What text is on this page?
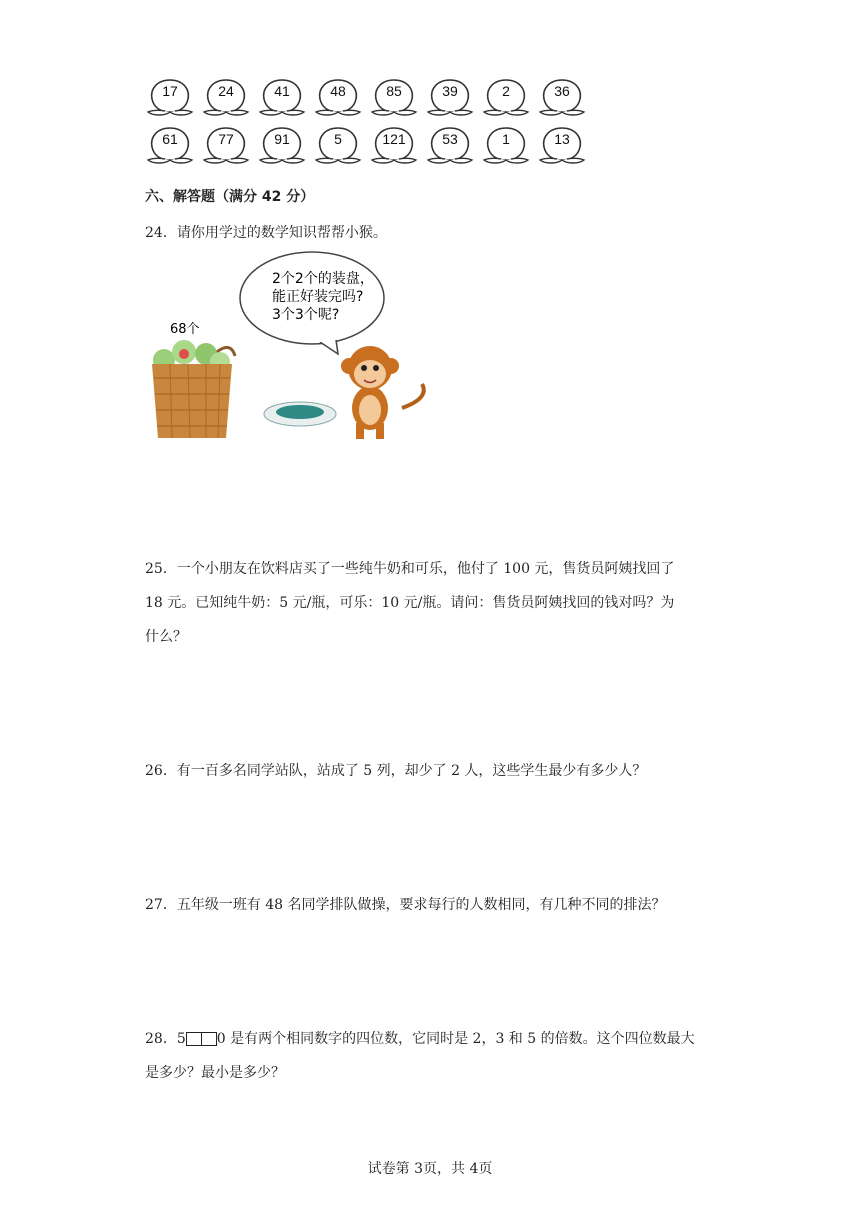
17	24	41	48	85	39	2	36
61	77	91	5	121	53	1	13
六、解答题（满分 42 分）
24．请你用学过的数学知识帮帮小猴。
2个2个的装盘，
能正好装完吗?
3个3个呢?
68个
25．一个小朋友在饮料店买了一些纯牛奶和可乐，他付了 100 元，售货员阿姨找回了
18 元。已知纯牛奶：5 元/瓶，可乐：10 元/瓶。请问：售货员阿姨找回的钱对吗？为
什么？
26．有一百多名同学站队，站成了 5 列，却少了 2 人，这些学生最少有多少人？
27．五年级一班有 48 名同学排队做操，要求每行的人数相同，有几种不同的排法？
28．5 0 是有两个相同数字的四位数，它同时是 2，3 和 5 的倍数。这个四位数最大
是多少？最小是多少？
试卷第 3页，共 4页
